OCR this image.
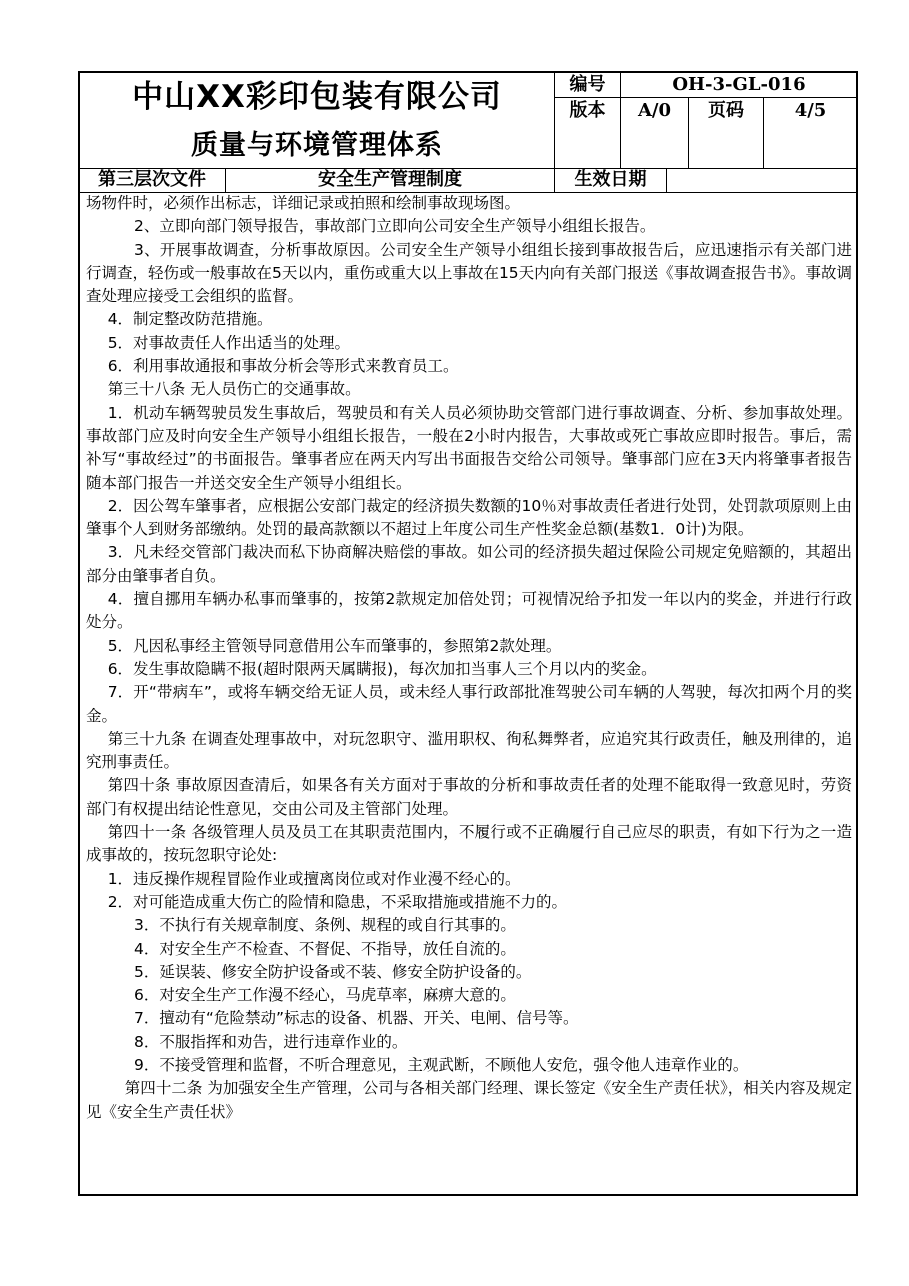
中山XX彩印包装有限公司
质量与环境管理体系
编号	OH-3-GL-016
版本	A/0	页码	4/5
第三层次文件	安全生产管理制度	生效日期

场物件时，必须作出标志，详细记录或拍照和绘制事故现场图。

2、立即向部门领导报告，事故部门立即向公司安全生产领导小组组长报告。

3、开展事故调查，分析事故原因。公司安全生产领导小组组长接到事故报告后，应迅速指示有关部门进行调查，轻伤或一般事故在5天以内，重伤或重大以上事故在15天内向有关部门报送《事故调查报告书》。事故调查处理应接受工会组织的监督。

4．制定整改防范措施。

5．对事故责任人作出适当的处理。

6．利用事故通报和事故分析会等形式来教育员工。

第三十八条 无人员伤亡的交通事故。

1．机动车辆驾驶员发生事故后，驾驶员和有关人员必须协助交管部门进行事故调查、分析、参加事故处理。事故部门应及时向安全生产领导小组组长报告，一般在2小时内报告，大事故或死亡事故应即时报告。事后，需补写“事故经过”的书面报告。肇事者应在两天内写出书面报告交给公司领导。肇事部门应在3天内将肇事者报告随本部门报告一并送交安全生产领导小组组长。

2．因公驾车肇事者，应根据公安部门裁定的经济损失数额的10％对事故责任者进行处罚，处罚款项原则上由肇事个人到财务部缴纳。处罚的最高款额以不超过上年度公司生产性奖金总额(基数1．0计)为限。

3．凡未经交管部门裁决而私下协商解决赔偿的事故。如公司的经济损失超过保险公司规定免赔额的，其超出部分由肇事者自负。

4．擅自挪用车辆办私事而肇事的，按第2款规定加倍处罚；可视情况给予扣发一年以内的奖金，并进行行政处分。

5．凡因私事经主管领导同意借用公车而肇事的，参照第2款处理。

6．发生事故隐瞒不报(超时限两天属瞒报)，每次加扣当事人三个月以内的奖金。

7．开“带病车”，或将车辆交给无证人员，或未经人事行政部批准驾驶公司车辆的人驾驶，每次扣两个月的奖金。

第三十九条 在调查处理事故中，对玩忽职守、滥用职权、徇私舞弊者，应追究其行政责任，触及刑律的，追究刑事责任。

第四十条 事故原因查清后，如果各有关方面对于事故的分析和事故责任者的处理不能取得一致意见时，劳资部门有权提出结论性意见，交由公司及主管部门处理。

第四十一条 各级管理人员及员工在其职责范围内，不履行或不正确履行自己应尽的职责，有如下行为之一造成事故的，按玩忽职守论处:

1．违反操作规程冒险作业或擅离岗位或对作业漫不经心的。

2．对可能造成重大伤亡的险情和隐患，不采取措施或措施不力的。

3．不执行有关规章制度、条例、规程的或自行其事的。

4．对安全生产不检查、不督促、不指导，放任自流的。

5．延误装、修安全防护设备或不装、修安全防护设备的。

6．对安全生产工作漫不经心，马虎草率，麻痹大意的。

7．擅动有“危险禁动”标志的设备、机器、开关、电闸、信号等。

8．不服指挥和劝告，进行违章作业的。

9．不接受管理和监督，不听合理意见，主观武断，不顾他人安危，强令他人违章作业的。

第四十二条 为加强安全生产管理，公司与各相关部门经理、课长签定《安全生产责任状》，相关内容及规定见《安全生产责任状》
